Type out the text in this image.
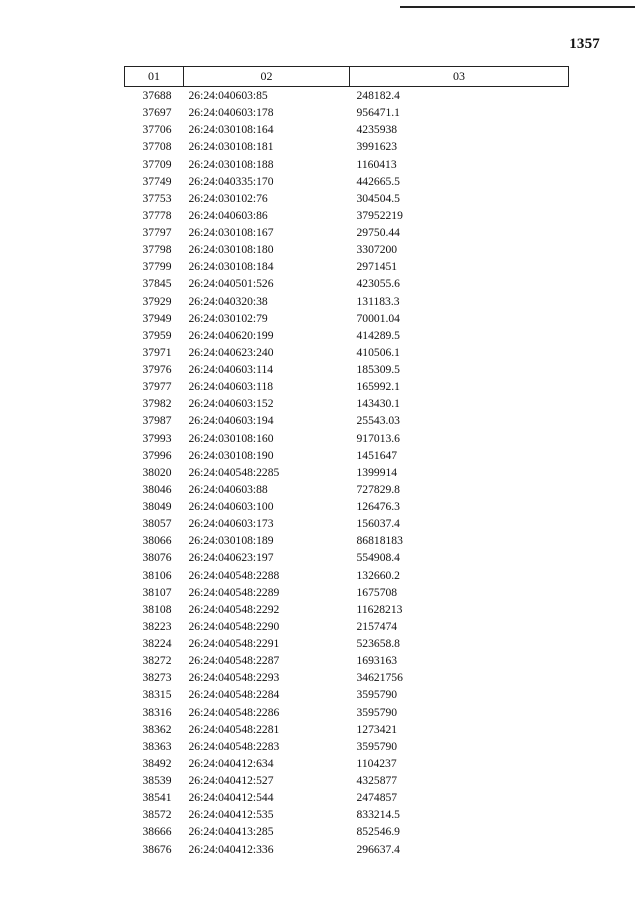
1357
01	02	03
37688	26:24:040603:85	248182.4
37697	26:24:040603:178	956471.1
37706	26:24:030108:164	4235938
37708	26:24:030108:181	3991623
37709	26:24:030108:188	1160413
37749	26:24:040335:170	442665.5
37753	26:24:030102:76	304504.5
37778	26:24:040603:86	37952219
37797	26:24:030108:167	29750.44
37798	26:24:030108:180	3307200
37799	26:24:030108:184	2971451
37845	26:24:040501:526	423055.6
37929	26:24:040320:38	131183.3
37949	26:24:030102:79	70001.04
37959	26:24:040620:199	414289.5
37971	26:24:040623:240	410506.1
37976	26:24:040603:114	185309.5
37977	26:24:040603:118	165992.1
37982	26:24:040603:152	143430.1
37987	26:24:040603:194	25543.03
37993	26:24:030108:160	917013.6
37996	26:24:030108:190	1451647
38020	26:24:040548:2285	1399914
38046	26:24:040603:88	727829.8
38049	26:24:040603:100	126476.3
38057	26:24:040603:173	156037.4
38066	26:24:030108:189	86818183
38076	26:24:040623:197	554908.4
38106	26:24:040548:2288	132660.2
38107	26:24:040548:2289	1675708
38108	26:24:040548:2292	11628213
38223	26:24:040548:2290	2157474
38224	26:24:040548:2291	523658.8
38272	26:24:040548:2287	1693163
38273	26:24:040548:2293	34621756
38315	26:24:040548:2284	3595790
38316	26:24:040548:2286	3595790
38362	26:24:040548:2281	1273421
38363	26:24:040548:2283	3595790
38492	26:24:040412:634	1104237
38539	26:24:040412:527	4325877
38541	26:24:040412:544	2474857
38572	26:24:040412:535	833214.5
38666	26:24:040413:285	852546.9
38676	26:24:040412:336	296637.4
